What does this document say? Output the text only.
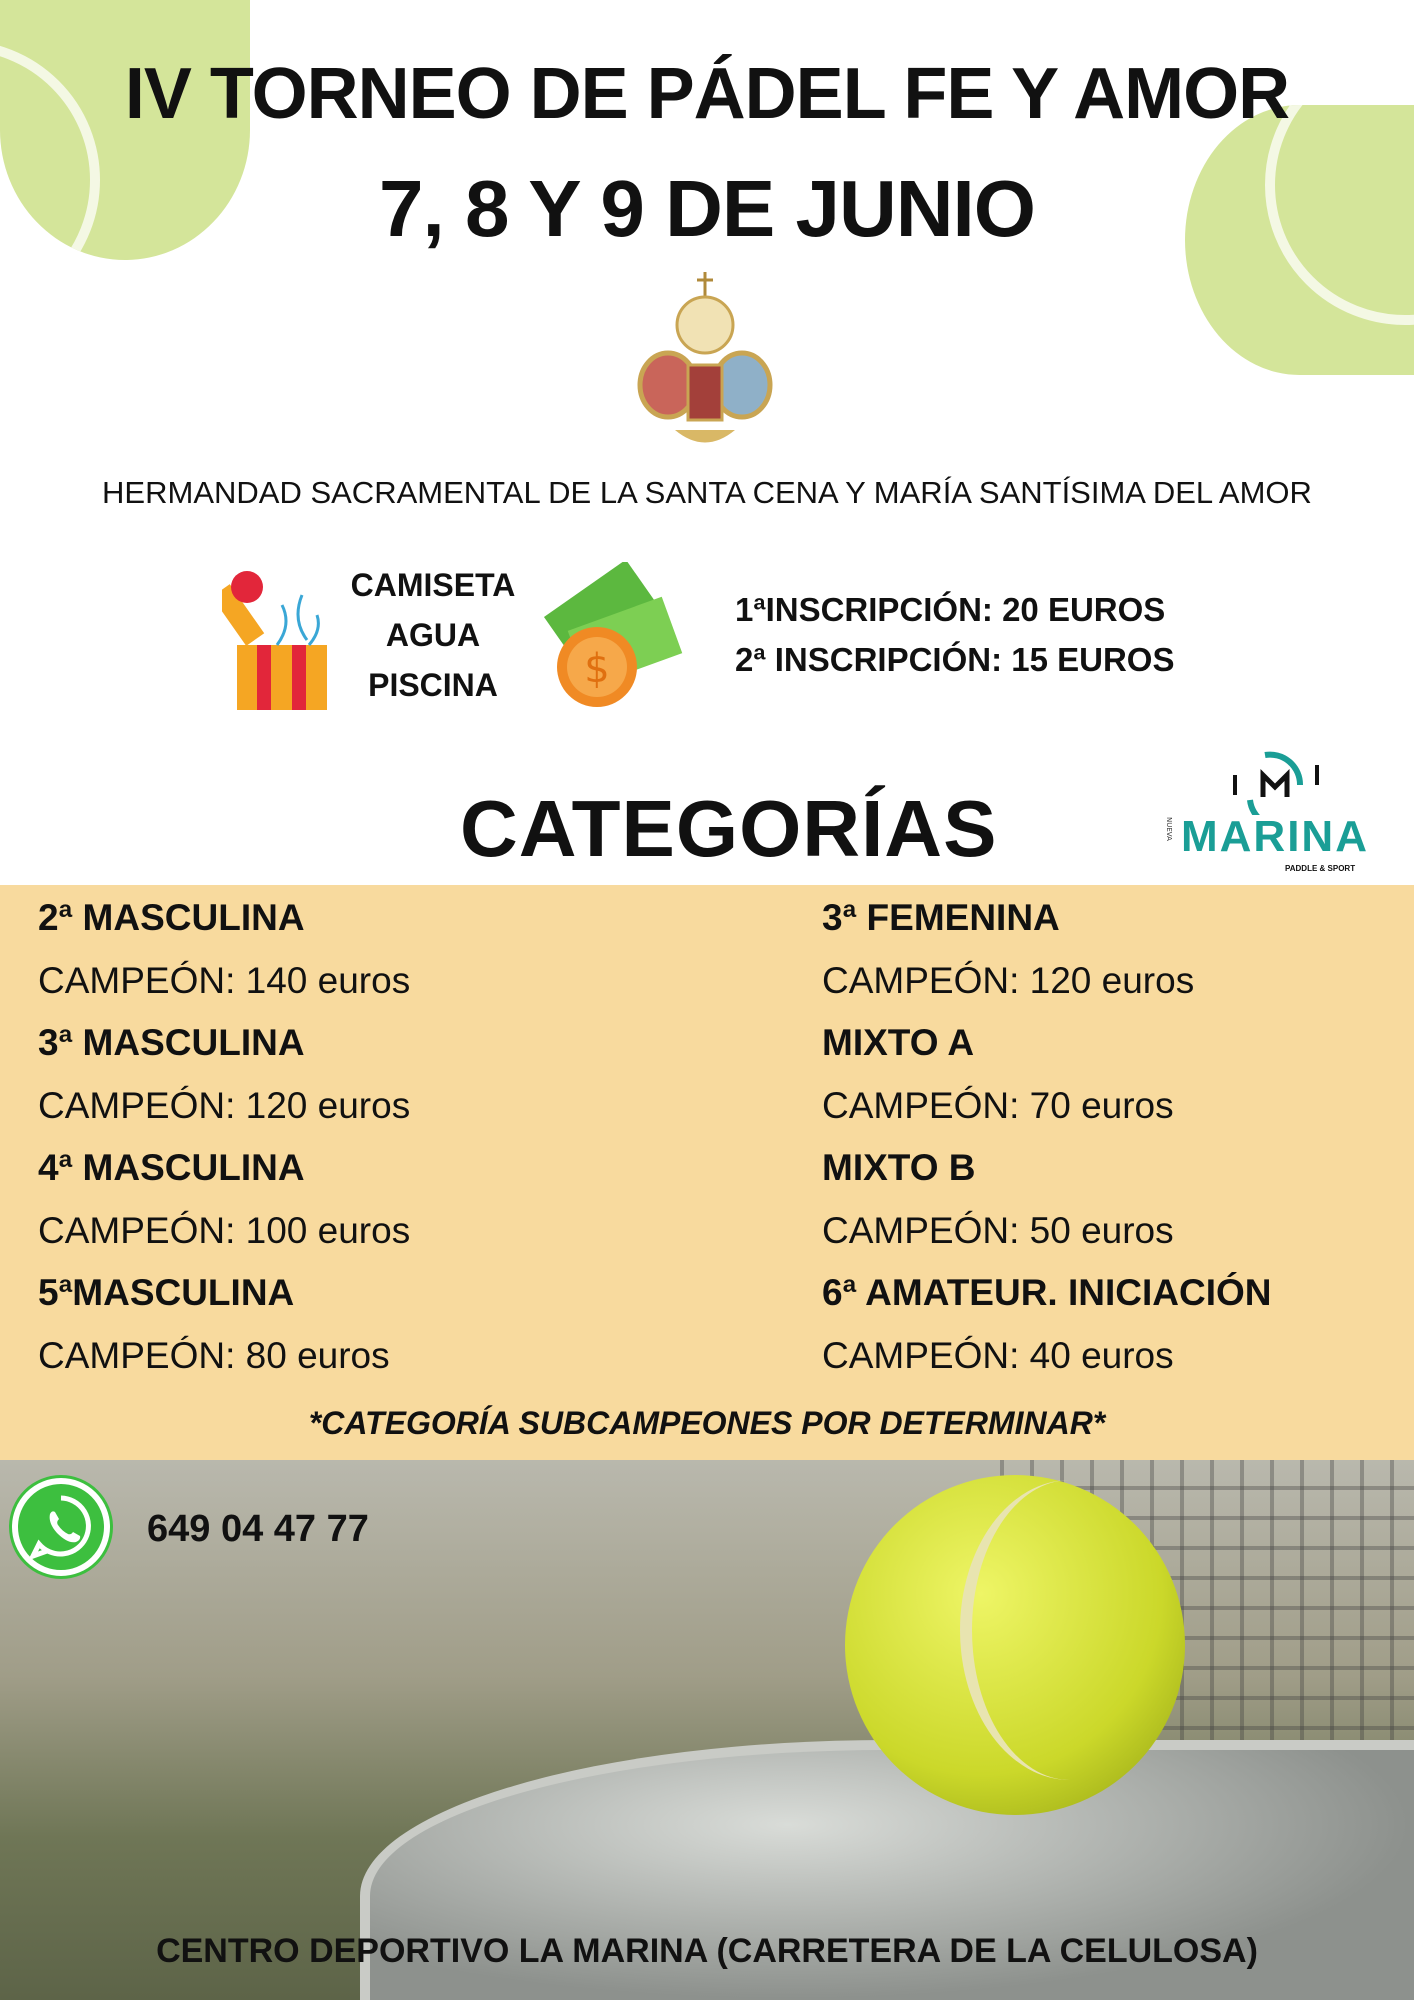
IV TORNEO DE PÁDEL FE Y AMOR
7, 8 Y 9 DE JUNIO
HERMANDAD SACRAMENTAL DE LA SANTA CENA Y MARÍA SANTÍSIMA DEL AMOR
CAMISETA
AGUA
PISCINA	$
1ªINSCRIPCIÓN: 20 EUROS
2ª INSCRIPCIÓN: 15 EUROS
CATEGORÍAS	NUEVA MARINA
PADDLE & SPORT
2ª MASCULINA
CAMPEÓN: 140 euros
3ª MASCULINA
CAMPEÓN: 120 euros
4ª MASCULINA
CAMPEÓN: 100 euros
5ªMASCULINA
CAMPEÓN: 80 euros
3ª FEMENINA
CAMPEÓN: 120 euros
MIXTO A
CAMPEÓN: 70 euros
MIXTO B
CAMPEÓN: 50 euros
6ª AMATEUR. INICIACIÓN
CAMPEÓN: 40 euros
*CATEGORÍA SUBCAMPEONES POR DETERMINAR*
649 04 47 77
CENTRO DEPORTIVO LA MARINA (CARRETERA DE LA CELULOSA)
